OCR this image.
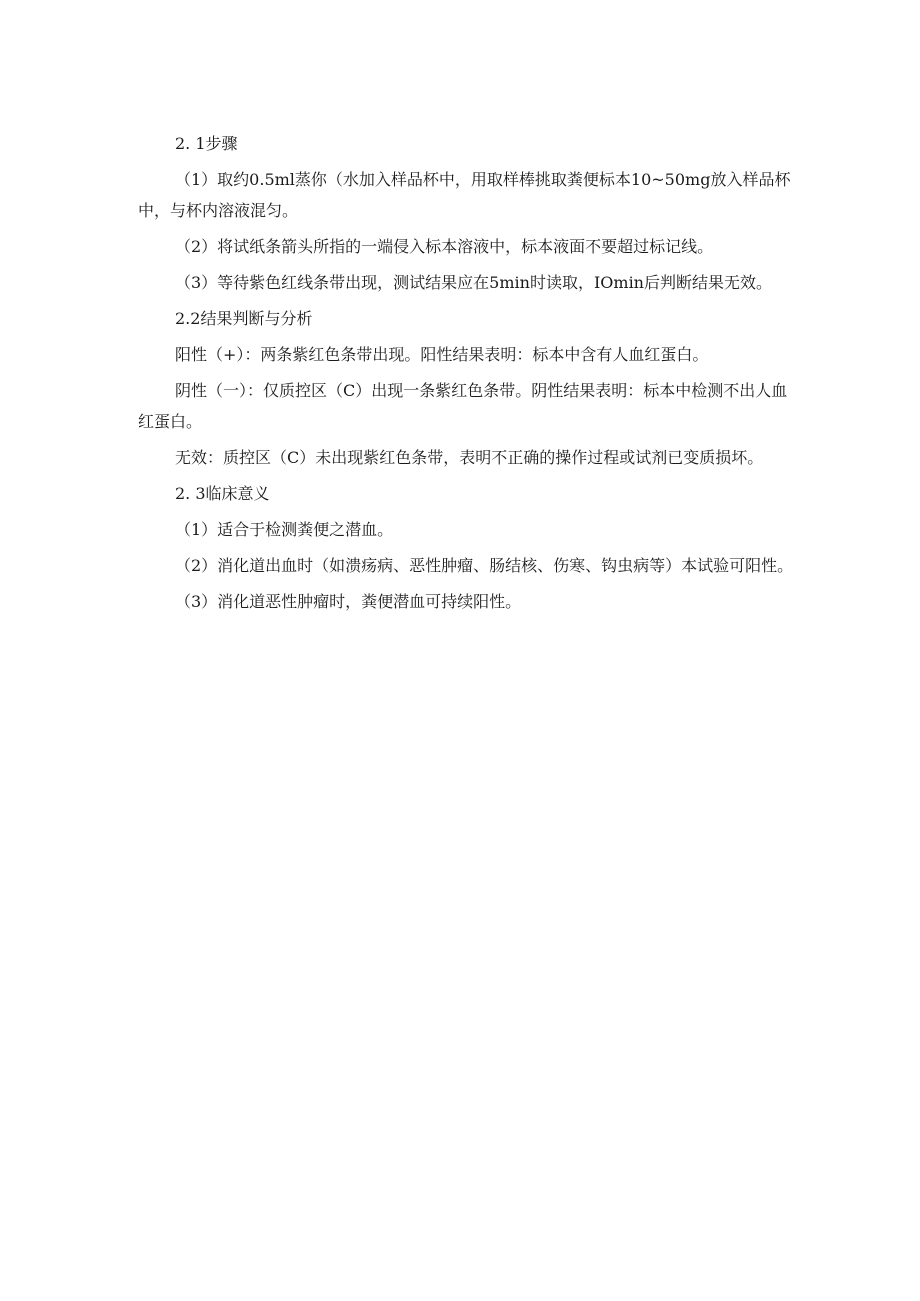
2. 1步骤

（1）取约0.5ml蒸你（水加入样品杯中，用取样棒挑取粪便标本10~50mg放入样品杯中，与杯内溶液混匀。

（2）将试纸条箭头所指的一端侵入标本溶液中，标本液面不要超过标记线。

（3）等待紫色红线条带出现，测试结果应在5min时读取，IOmin后判断结果无效。

2.2结果判断与分析

阳性（+）：两条紫红色条带出现。阳性结果表明：标本中含有人血红蛋白。

阴性（一）：仅质控区（C）出现一条紫红色条带。阴性结果表明：标本中检测不出人血红蛋白。

无效：质控区（C）未出现紫红色条带，表明不正确的操作过程或试剂已变质损坏。

2. 3临床意义

（1）适合于检测粪便之潜血。

（2）消化道出血时（如溃疡病、恶性肿瘤、肠结核、伤寒、钩虫病等）本试验可阳性。

（3）消化道恶性肿瘤时，粪便潜血可持续阳性。
